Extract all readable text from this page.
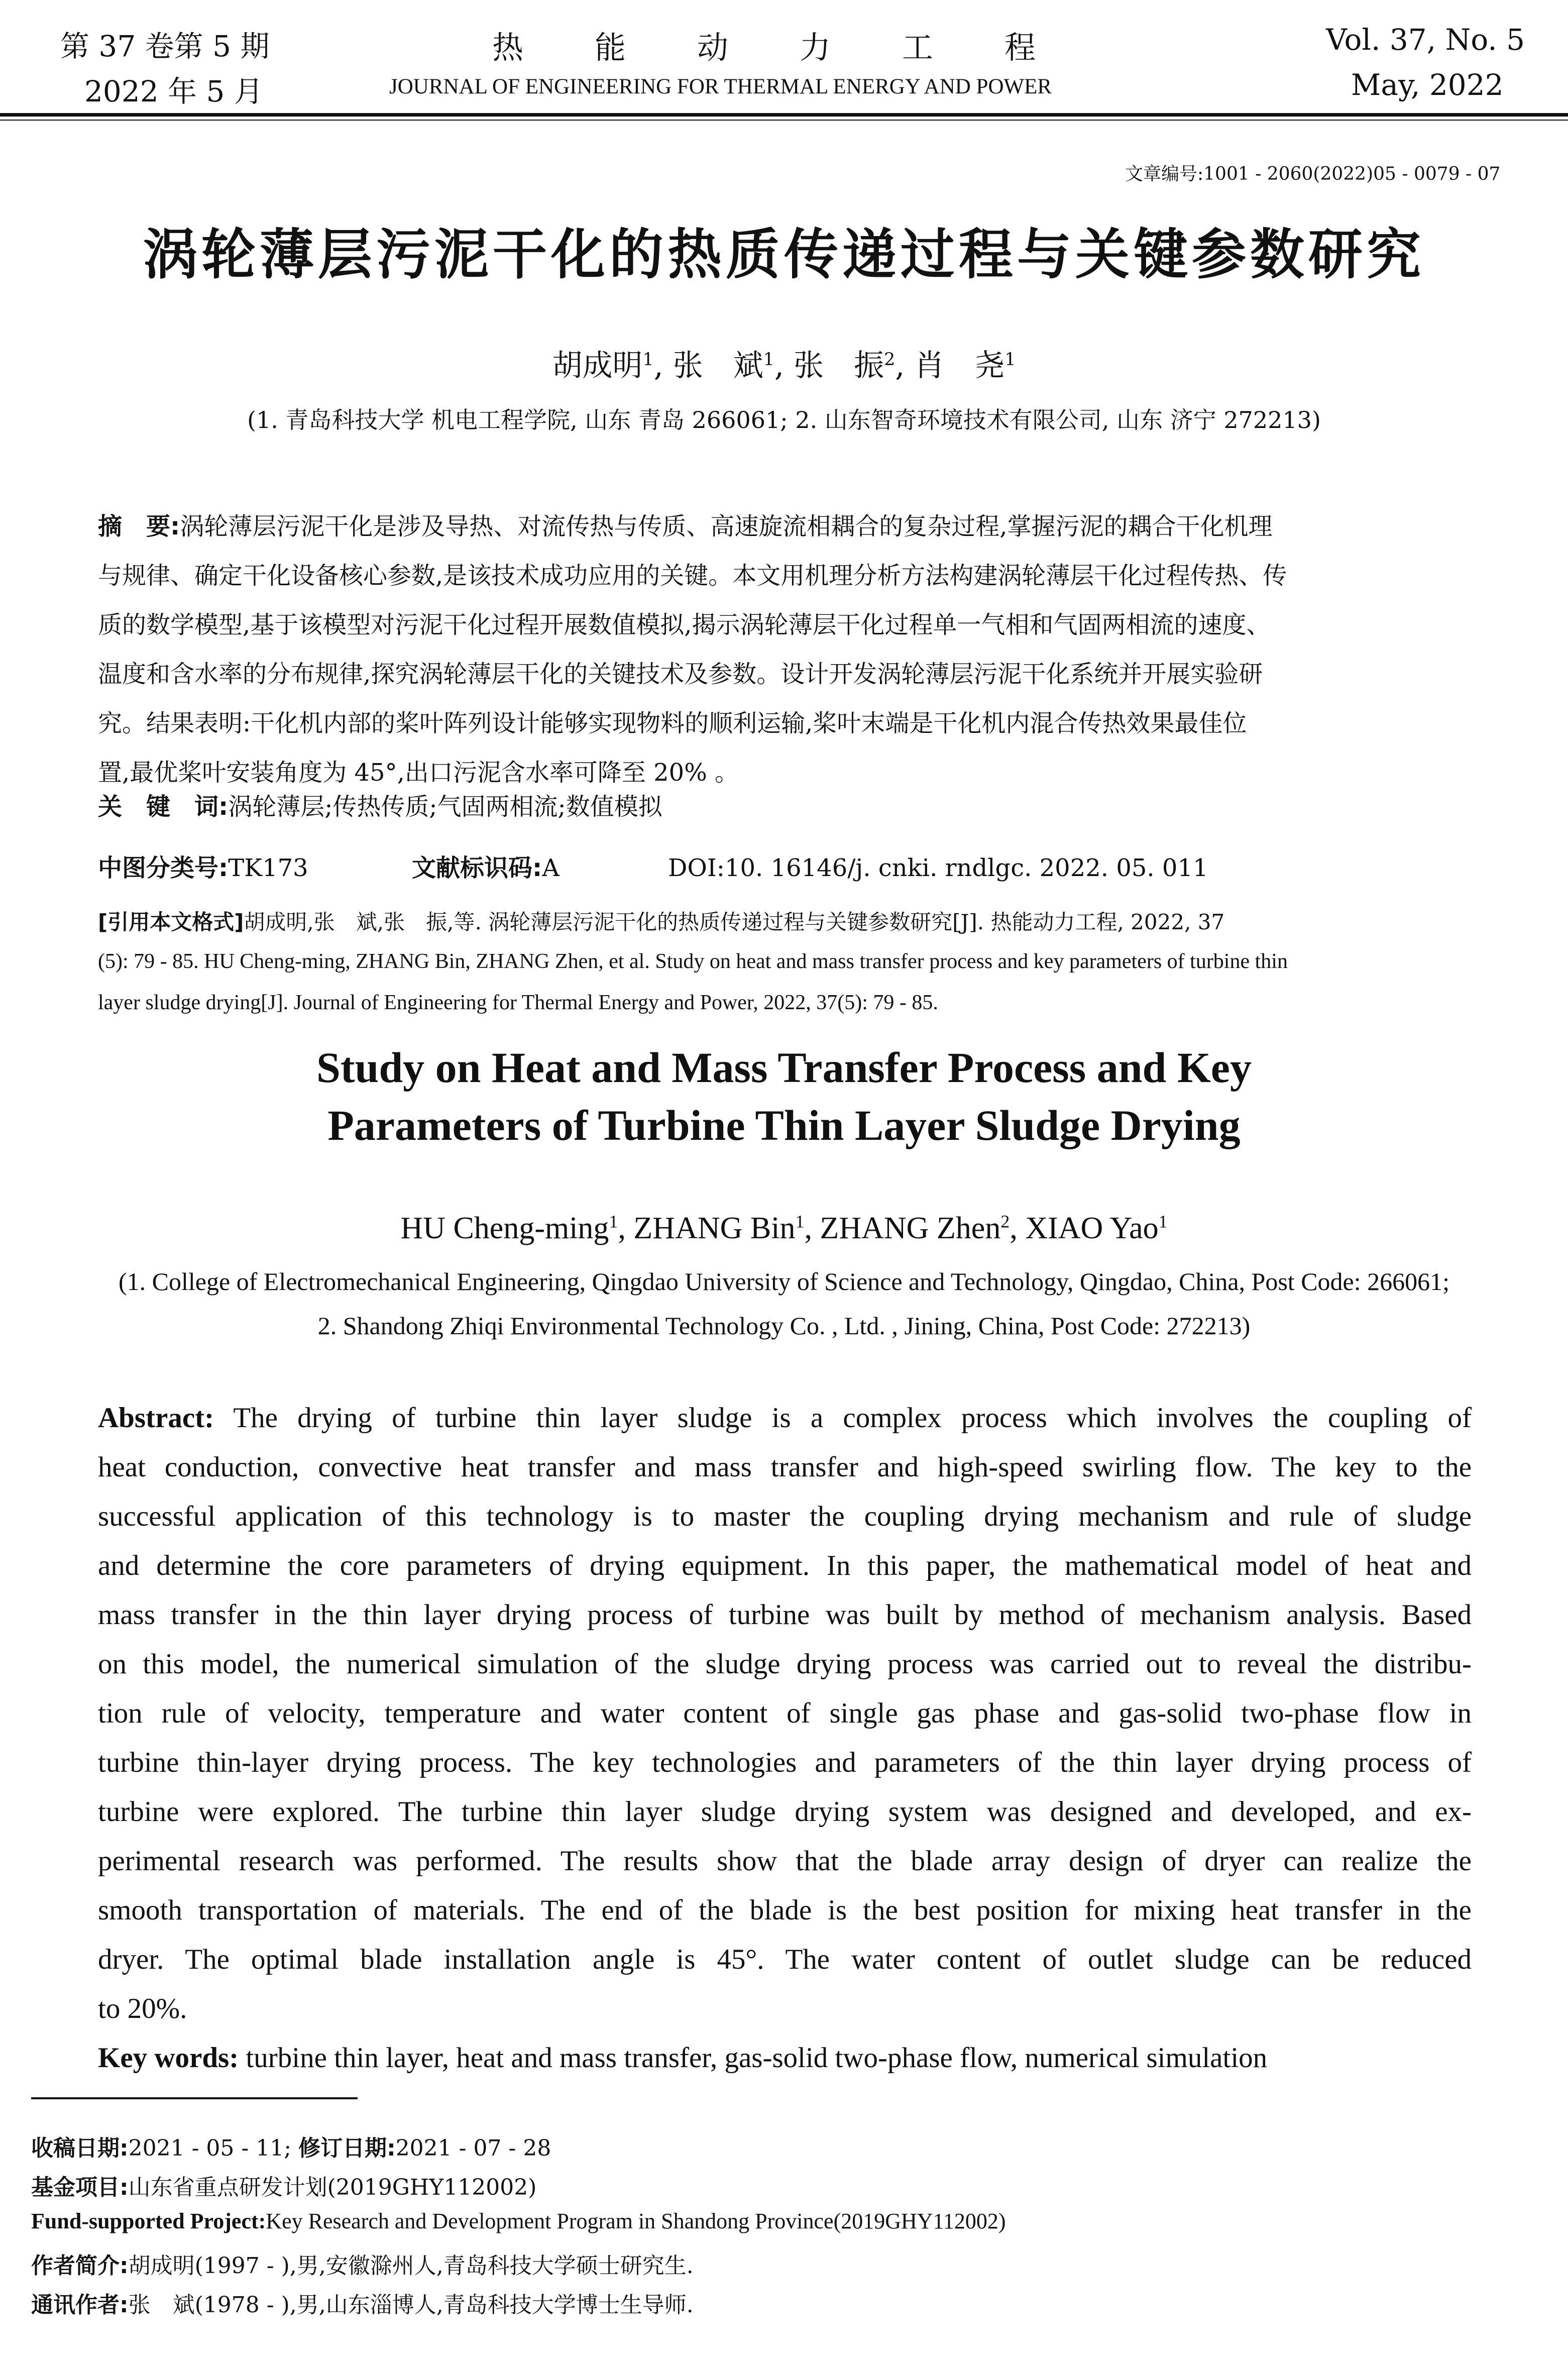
第 37 卷第 5 期
2022 年 5 月
热能动力工程
JOURNAL OF ENGINEERING FOR THERMAL ENERGY AND POWER
Vol. 37, No. 5
May, 2022
文章编号:1001 - 2060(2022)05 - 0079 - 07
涡轮薄层污泥干化的热质传递过程与关键参数研究
胡成明$^1$, 张　斌$^1$, 张　振$^2$, 肖　尧$^1$
(1. 青岛科技大学 机电工程学院, 山东 青岛 266061; 2. 山东智奇环境技术有限公司, 山东 济宁 272213)
摘　要:涡轮薄层污泥干化是涉及导热、对流传热与传质、高速旋流相耦合的复杂过程,掌握污泥的耦合干化机理
与规律、确定干化设备核心参数,是该技术成功应用的关键。本文用机理分析方法构建涡轮薄层干化过程传热、传
质的数学模型,基于该模型对污泥干化过程开展数值模拟,揭示涡轮薄层干化过程单一气相和气固两相流的速度、
温度和含水率的分布规律,探究涡轮薄层干化的关键技术及参数。设计开发涡轮薄层污泥干化系统并开展实验研
究。结果表明:干化机内部的桨叶阵列设计能够实现物料的顺利运输,桨叶末端是干化机内混合传热效果最佳位
置,最优桨叶安装角度为 45°,出口污泥含水率可降至 20% 。
关　键　词:涡轮薄层;传热传质;气固两相流;数值模拟
中图分类号:TK173	文献标识码:A	DOI:10. 16146/j. cnki. rndlgc. 2022. 05. 011
[引用本文格式]胡成明,张　斌,张　振,等. 涡轮薄层污泥干化的热质传递过程与关键参数研究[J]. 热能动力工程, 2022, 37
(5): 79 - 85. HU Cheng-ming, ZHANG Bin, ZHANG Zhen, et al. Study on heat and mass transfer process and key parameters of turbine thin
layer sludge drying[J]. Journal of Engineering for Thermal Energy and Power, 2022, 37(5): 79 - 85.
Study on Heat and Mass Transfer Process and Key
Parameters of Turbine Thin Layer Sludge Drying
HU Cheng-ming$^1$, ZHANG Bin$^1$, ZHANG Zhen$^2$, XIAO Yao$^1$
(1. College of Electromechanical Engineering, Qingdao University of Science and Technology, Qingdao, China, Post Code: 266061;
2. Shandong Zhiqi Environmental Technology Co. , Ltd. , Jining, China, Post Code: 272213)
Abstract: The drying of turbine thin layer sludge is a complex process which involves the coupling of
heat conduction, convective heat transfer and mass transfer and high-speed swirling flow. The key to the
successful application of this technology is to master the coupling drying mechanism and rule of sludge
and determine the core parameters of drying equipment. In this paper, the mathematical model of heat and
mass transfer in the thin layer drying process of turbine was built by method of mechanism analysis. Based
on this model, the numerical simulation of the sludge drying process was carried out to reveal the distribu-
tion rule of velocity, temperature and water content of single gas phase and gas-solid two-phase flow in
turbine thin-layer drying process. The key technologies and parameters of the thin layer drying process of
turbine were explored. The turbine thin layer sludge drying system was designed and developed, and ex-
perimental research was performed. The results show that the blade array design of dryer can realize the
smooth transportation of materials. The end of the blade is the best position for mixing heat transfer in the
dryer. The optimal blade installation angle is 45°. The water content of outlet sludge can be reduced
to 20%.
Key words: turbine thin layer, heat and mass transfer, gas-solid two-phase flow, numerical simulation
收稿日期:2021 - 05 - 11; 修订日期:2021 - 07 - 28
基金项目:山东省重点研发计划(2019GHY112002)
Fund-supported Project:Key Research and Development Program in Shandong Province(2019GHY112002)
作者简介:胡成明(1997 - ),男,安徽滁州人,青岛科技大学硕士研究生.
通讯作者:张　斌(1978 - ),男,山东淄博人,青岛科技大学博士生导师.
